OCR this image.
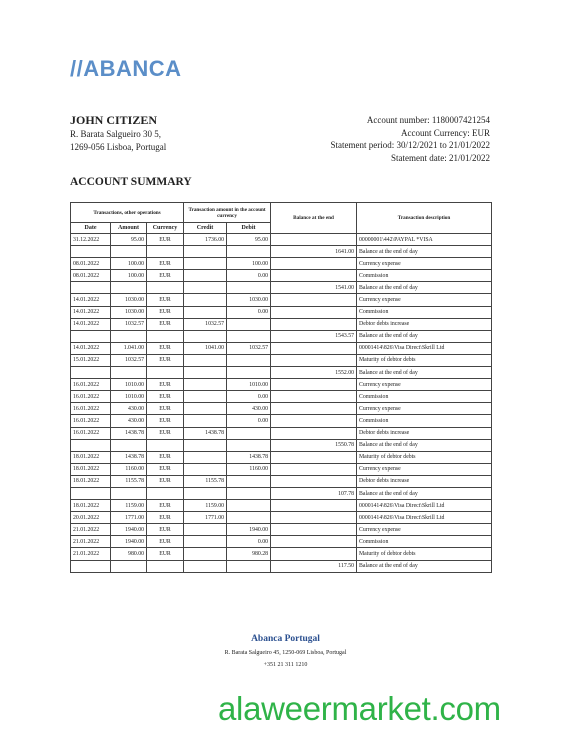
//ABANCA
JOHN CITIZEN
R. Barata Salgueiro 30 5,
1269-056 Lisboa, Portugal
Account number: 1180007421254
Account Currency: EUR
Statement period: 30/12/2021 to 21/01/2022
Statement date: 21/01/2022
ACCOUNT SUMMARY
Transactions, other operations			Transaction amount in the account currency		Balance at the end	Transaction description
Date	Amount	Currency	Credit	Debit		
31.12.2022	95.00	EUR	1736.00	95.00		00000001\442\PAYPAL *VISA
					1641.00	Balance at the end of day
08.01.2022	100.00	EUR		100.00		Currency expense
08.01.2022	100.00	EUR		0.00		Commission
					1541.00	Balance at the end of day
14.01.2022	1030.00	EUR		1030.00		Currency expense
14.01.2022	1030.00	EUR		0.00		Commission
14.01.2022	1032.57	EUR	1032.57			Debtor debts increase
					1543.57	Balance at the end of day
14.01.2022	1.041.00	EUR	1041.00	1032.57		00001414\826\Visa Direct\Skrill Ltd
15.01.2022	1032.57	EUR				Maturity of debtor debts
					1552.00	Balance at the end of day
16.01.2022	1010.00	EUR		1010.00		Currency expense
16.01.2022	1010.00	EUR		0.00		Commission
16.01.2022	430.00	EUR		430.00		Currency expense
16.01.2022	430.00	EUR		0.00		Commission
16.01.2022	1438.78	EUR	1438.78			Debtor debts increase
					1550.78	Balance at the end of day
18.01.2022	1438.78	EUR		1438.78		Maturity of debtor debts
18.01.2022	1160.00	EUR		1160.00		Currency expense
18.01.2022	1155.78	EUR	1155.78			Debtor debts increase
					107.78	Balance at the end of day
18.01.2022	1159.00	EUR	1159.00			00001414\826\Visa Direct\Skrill Ltd
20.01.2022	1771.00	EUR	1771.00			00001414\826\Visa Direct\Skrill Ltd
21.01.2022	1940.00	EUR		1940.00		Currency expense
21.01.2022	1940.00	EUR		0.00		Commission
21.01.2022	980.00	EUR		980.28		Maturity of debtor debts
					117.50	Balance at the end of day
Abanca Portugal
R. Barata Salgueiro 45, 1250-069 Lisboa, Portugal
+351 21 311 1210
alaweermarket.com
